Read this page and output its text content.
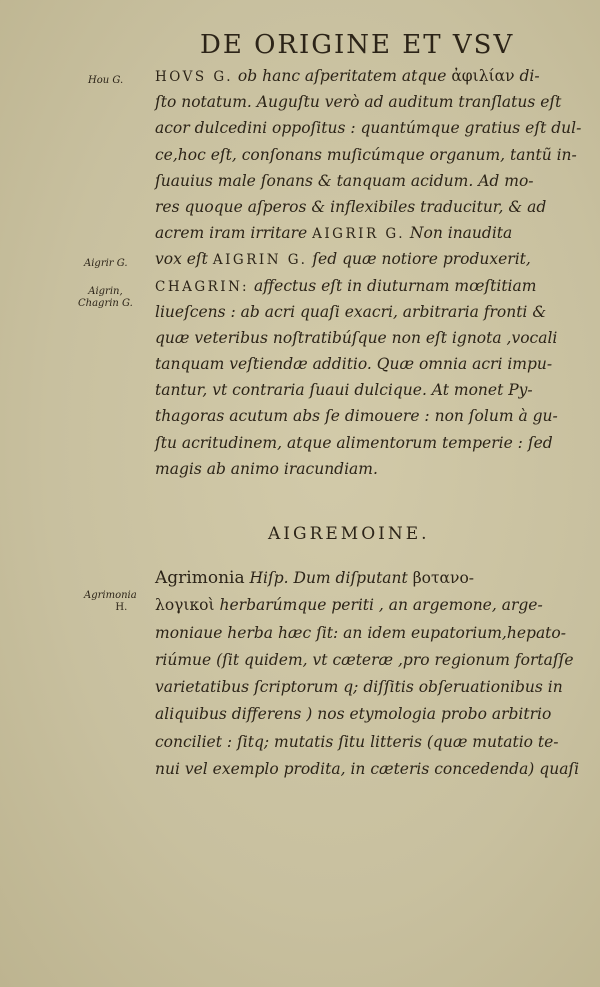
DE ORIGINE ET VSV
Hou G.
Aigrir G.
Aigrin,
Chagrin G.
Agrimonia
H.
HOVS G. ob hanc aſperitatem atque ἀφιλίαν di-
ſto notatum. Auguſtu verò ad auditum tranſlatus eſt
acor dulcedini oppoſitus : quantúmque gratius eſt dul-
ce,hoc eſt, conſonans muſicúmque organum, tantũ in-
ſuauius male ſonans & tanquam acidum. Ad mo-
res quoque aſperos & inflexibiles traducitur, & ad
acrem iram irritare AIGRIR G. Non inaudita
vox eſt AIGRIN G. ſed quæ notiore produxerit,
CHAGRIN: affectus eſt in diuturnam mœſtitiam
liueſcens : ab acri quaſi exacri, arbitraria fronti &
quæ veteribus noſtratibúſque non eſt ignota ,vocali
tanquam veſtiendæ additio. Quæ omnia acri impu-
tantur, vt contraria ſuaui dulcique. At monet Py-
thagoras acutum abs ſe dimouere : non ſolum à gu-
ſtu acritudinem, atque alimentorum temperie : ſed
magis ab animo iracundiam.
AIGREMOINE.
Agrimonia Hiſp. Dum diſputant βοτανο-
λογικοὶ herbarúmque periti , an argemone, arge-
moniaue herba hæc ſit: an idem eupatorium,hepato-
riúmue (ſit quidem, vt cæteræ ,pro regionum fortaſſe
varietatibus ſcriptorum q; diſſitis obſeruationibus in
aliquibus differens ) nos etymologia probo arbitrio
conciliet : ſitq; mutatis ſitu litteris (quæ mutatio te-
nui vel exemplo prodita, in cæteris concedenda) quaſi
